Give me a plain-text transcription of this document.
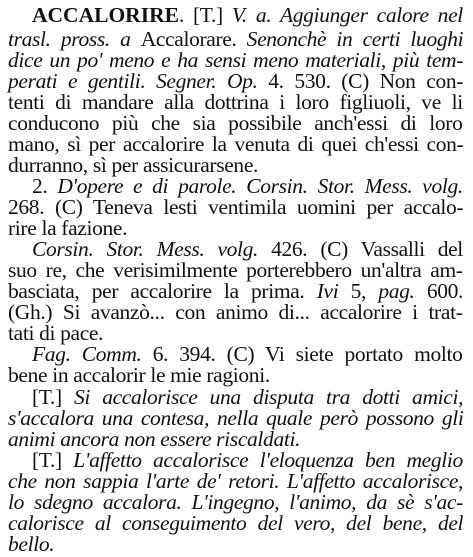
ACCALORIRE. [T.] V. a. Aggiunger calore nel
trasl. pross. a Accalorare. Senonchè in certi luoghi
dice un po' meno e ha sensi meno materiali, più tem-
perati e gentili. Segner. Op. 4. 530. (C) Non con-
tenti di mandare alla dottrina i loro figliuoli, ve li
conducono più che sia possibile anch'essi di loro
mano, sì per accalorire la venuta di quei ch'essi con-
durranno, sì per assicurarsene.
2. D'opere e di parole. Corsin. Stor. Mess. volg.
268. (C) Teneva lesti ventimila uomini per accalo-
rire la fazione.
Corsin. Stor. Mess. volg. 426. (C) Vassalli del
suo re, che verisimilmente porterebbero un'altra am-
basciata, per accalorire la prima. Ivi 5, pag. 600.
(Gh.) Si avanzò... con animo di... accalorire i trat-
tati di pace.
Fag. Comm. 6. 394. (C) Vi siete portato molto
bene in accalorir le mie ragioni.
[T.] Si accalorisce una disputa tra dotti amici,
s'accalora una contesa, nella quale però possono gli
animi ancora non essere riscaldati.
[T.] L'affetto accalorisce l'eloquenza ben meglio
che non sappia l'arte de' retori. L'affetto accalorisce,
lo sdegno accalora. L'ingegno, l'animo, da sè s'ac-
calorisce al conseguimento del vero, del bene, del
bello.
